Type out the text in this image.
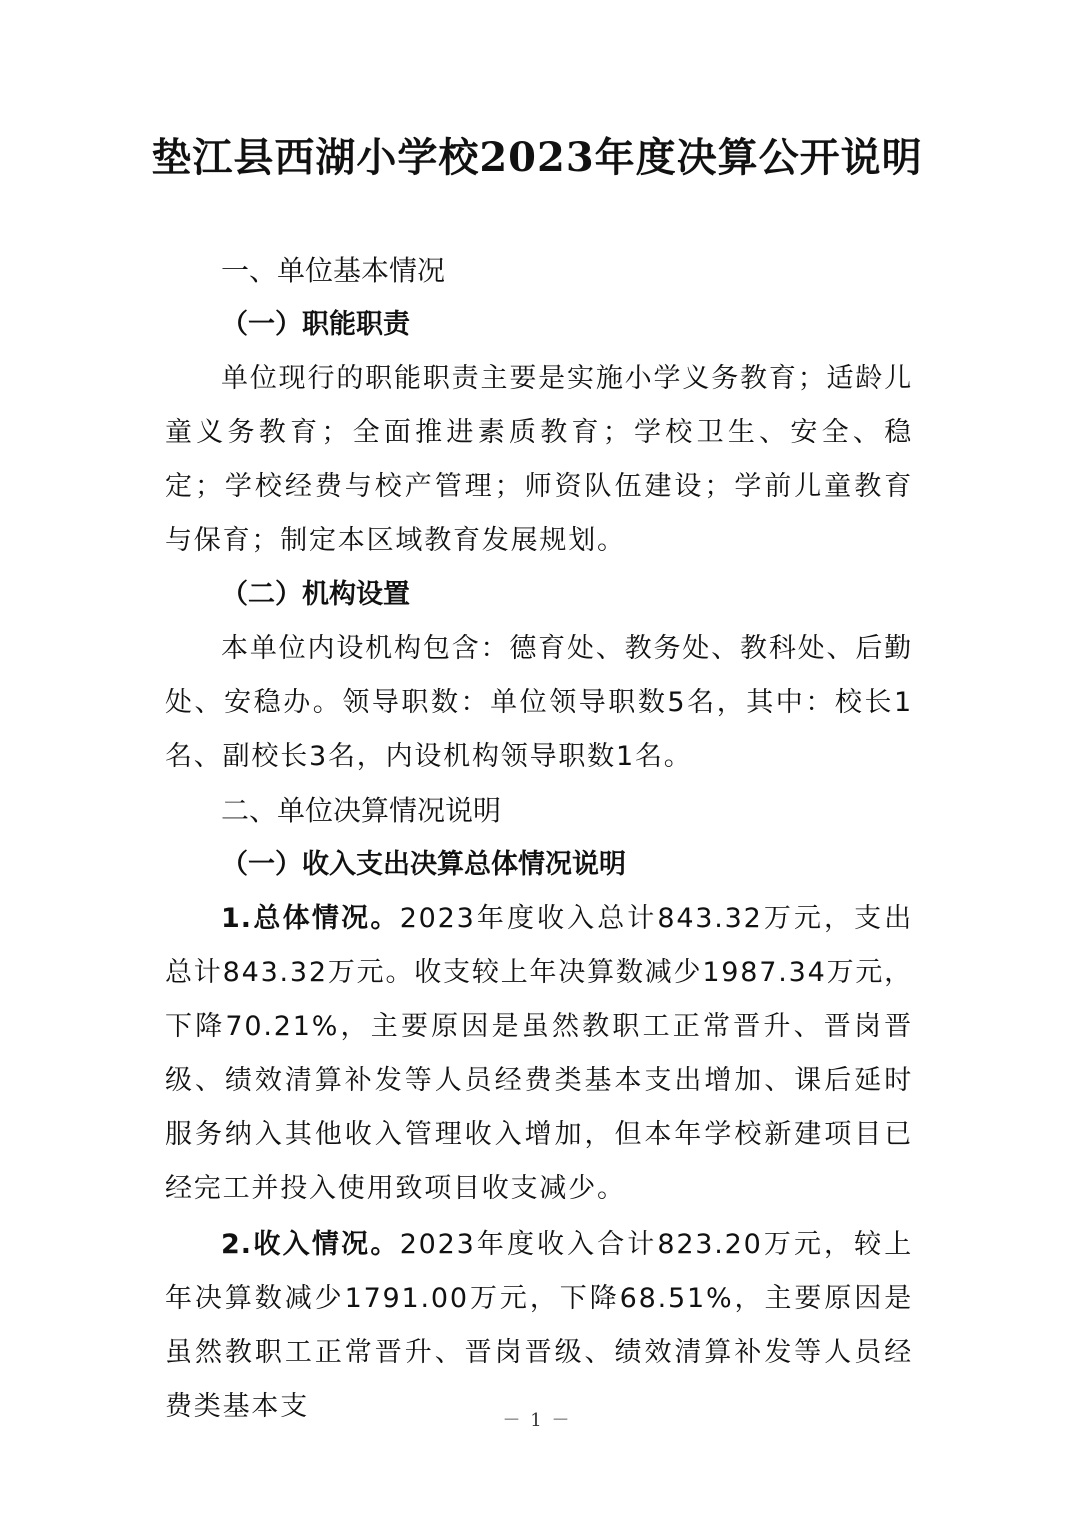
垫江县西湖小学校2023年度决算公开说明

一、单位基本情况

（一）职能职责

单位现行的职能职责主要是实施小学义务教育；适龄儿童义务教育；全面推进素质教育；学校卫生、安全、稳定；学校经费与校产管理；师资队伍建设；学前儿童教育与保育；制定本区域教育发展规划。

（二）机构设置

本单位内设机构包含：德育处、教务处、教科处、后勤处、安稳办。领导职数：单位领导职数5名，其中：校长1名、副校长3名，内设机构领导职数1名。

二、单位决算情况说明

（一）收入支出决算总体情况说明

1.总体情况。2023年度收入总计843.32万元，支出总计843.32万元。收支较上年决算数减少1987.34万元，下降70.21%，主要原因是虽然教职工正常晋升、晋岗晋级、绩效清算补发等人员经费类基本支出增加、课后延时服务纳入其他收入管理收入增加，但本年学校新建项目已经完工并投入使用致项目收支减少。

2.收入情况。2023年度收入合计823.20万元，较上年决算数减少1791.00万元，下降68.51%，主要原因是虽然教职工正常晋升、晋岗晋级、绩效清算补发等人员经费类基本支	－ 1 －
